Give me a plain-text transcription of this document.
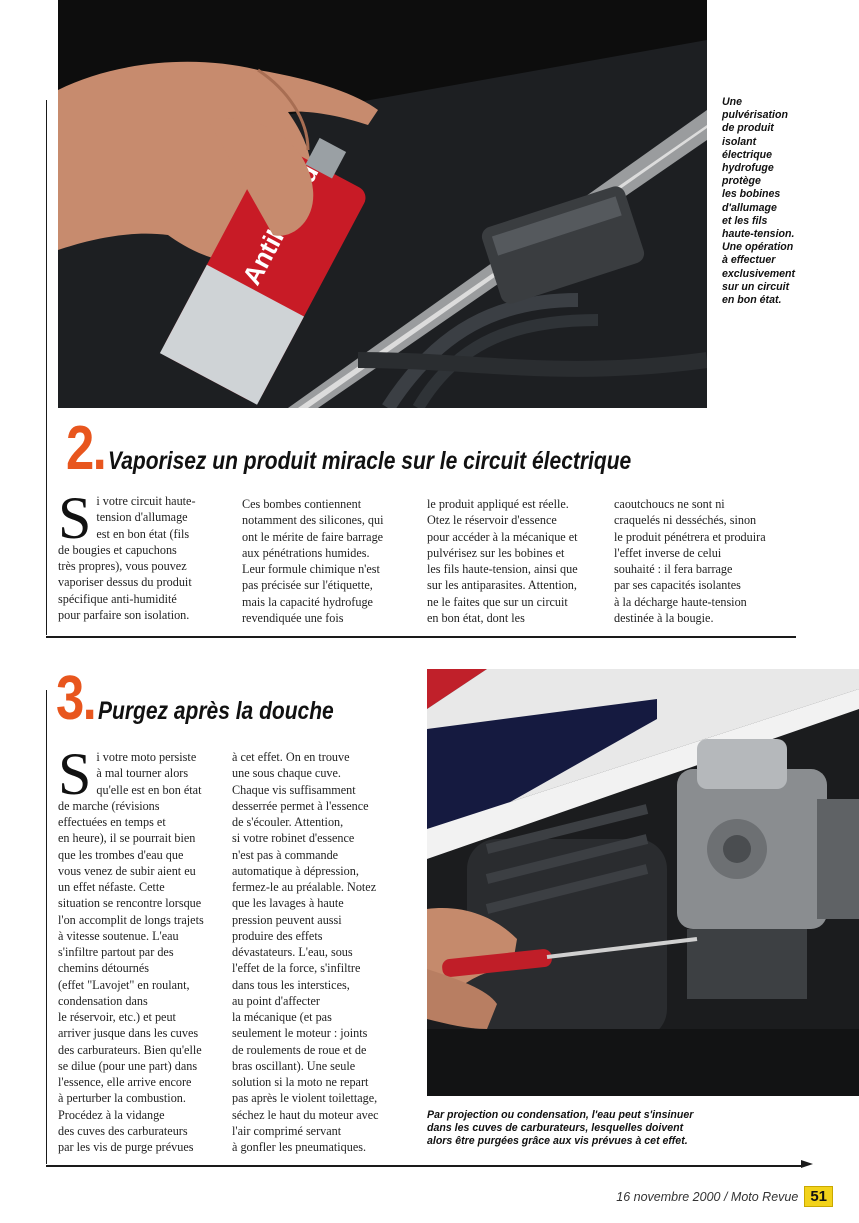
Une
pulvérisation
de produit
isolant
électrique
hydrofuge
protège
les bobines
d'allumage
et les fils
haute-tension.
Une opération
à effectuer
exclusivement
sur un circuit
en bon état.
2. Vaporisez un produit miracle sur le circuit électrique
Si votre circuit haute-
tension d'allumage
est en bon état (fils
de bougies et capuchons
très propres), vous pouvez
vaporiser dessus du produit
spécifique anti-humidité
pour parfaire son isolation.
Ces bombes contiennent
notamment des silicones, qui
ont le mérite de faire barrage
aux pénétrations humides.
Leur formule chimique n'est
pas précisée sur l'étiquette,
mais la capacité hydrofuge
revendiquée une fois
le produit appliqué est réelle.
Otez le réservoir d'essence
pour accéder à la mécanique et
pulvérisez sur les bobines et
les fils haute-tension, ainsi que
sur les antiparasites. Attention,
ne le faites que sur un circuit
en bon état, dont les
caoutchoucs ne sont ni
craquelés ni desséchés, sinon
le produit pénétrera et produira
l'effet inverse de celui
souhaité : il fera barrage
par ses capacités isolantes
à la décharge haute-tension
destinée à la bougie.
3. Purgez après la douche
Si votre moto persiste
à mal tourner alors
qu'elle est en bon état
de marche (révisions
effectuées en temps et
en heure), il se pourrait bien
que les trombes d'eau que
vous venez de subir aient eu
un effet néfaste. Cette
situation se rencontre lorsque
l'on accomplit de longs trajets
à vitesse soutenue. L'eau
s'infiltre partout par des
chemins détournés
(effet "Lavojet" en roulant,
condensation dans
le réservoir, etc.) et peut
arriver jusque dans les cuves
des carburateurs. Bien qu'elle
se dilue (pour une part) dans
l'essence, elle arrive encore
à perturber la combustion.
Procédez à la vidange
des cuves des carburateurs
par les vis de purge prévues
à cet effet. On en trouve
une sous chaque cuve.
Chaque vis suffisamment
desserrée permet à l'essence
de s'écouler. Attention,
si votre robinet d'essence
n'est pas à commande
automatique à dépression,
fermez-le au préalable. Notez
que les lavages à haute
pression peuvent aussi
produire des effets
dévastateurs. L'eau, sous
l'effet de la force, s'infiltre
dans tous les interstices,
au point d'affecter
la mécanique (et pas
seulement le moteur : joints
de roulements de roue et de
bras oscillant). Une seule
solution si la moto ne repart
pas après le violent toilettage,
séchez le haut du moteur avec
l'air comprimé servant
à gonfler les pneumatiques.
Par projection ou condensation, l'eau peut s'insinuer
dans les cuves de carburateurs, lesquelles doivent
alors être purgées grâce aux vis prévues à cet effet.
16 novembre 2000 / Moto Revue 51
